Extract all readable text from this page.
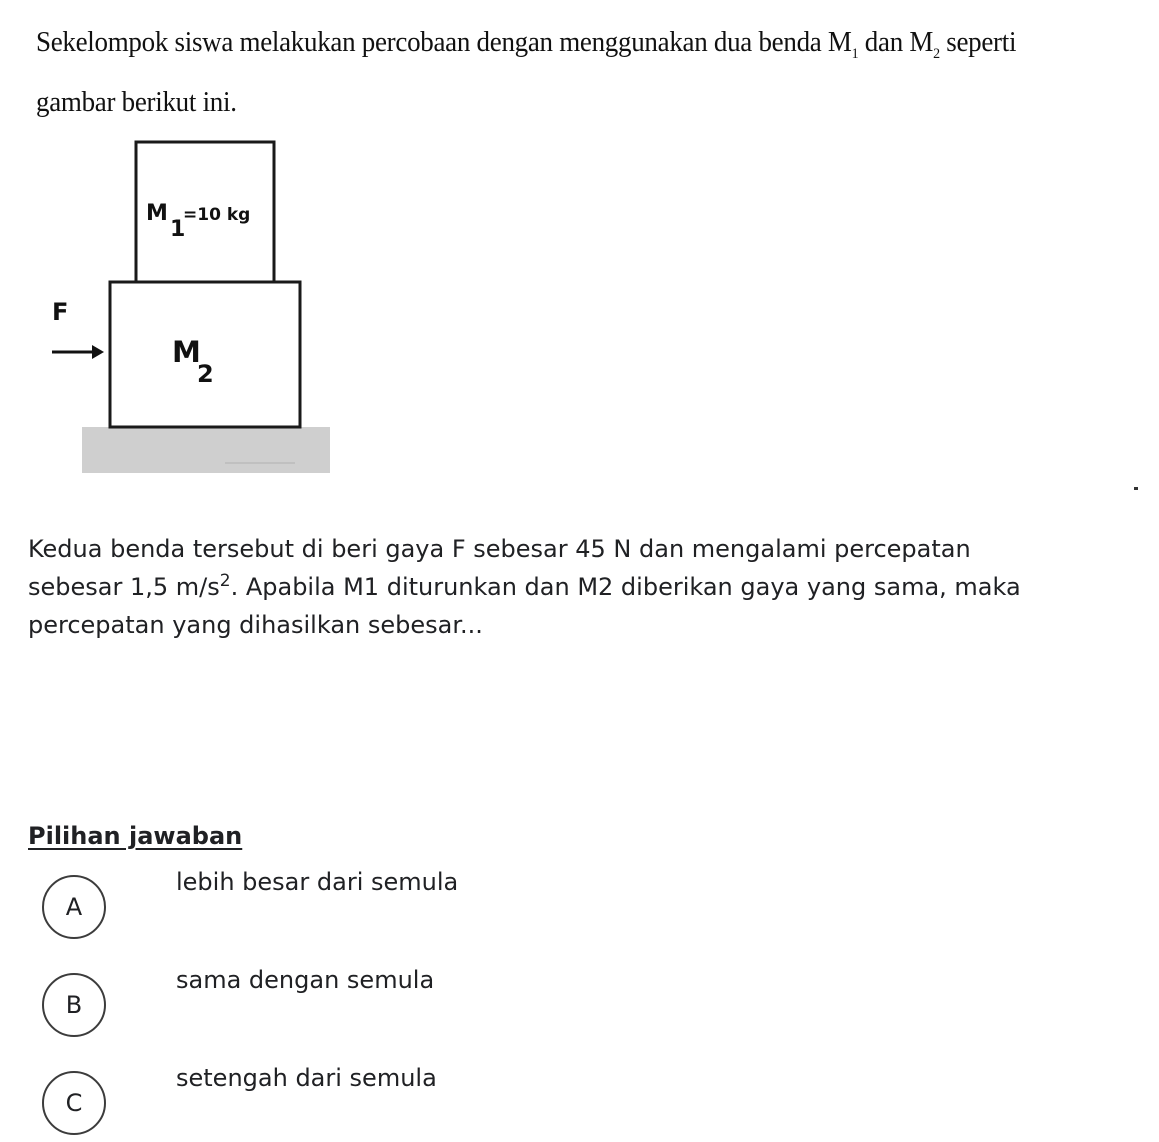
Sekelompok siswa melakukan percobaan dengan menggunakan dua benda $M_1$ dan $M_2$ seperti
gambar berikut ini.
M
1
=10 kg
M
2
F
Kedua benda tersebut di beri gaya F sebesar 45 N dan mengalami percepatan
sebesar 1,5 $m/s^2$. Apabila M1 diturunkan dan M2 diberikan gaya yang sama, maka
percepatan yang dihasilkan sebesar...
Pilihan jawaban
A
lebih besar dari semula
B
sama dengan semula
C
setengah dari semula
